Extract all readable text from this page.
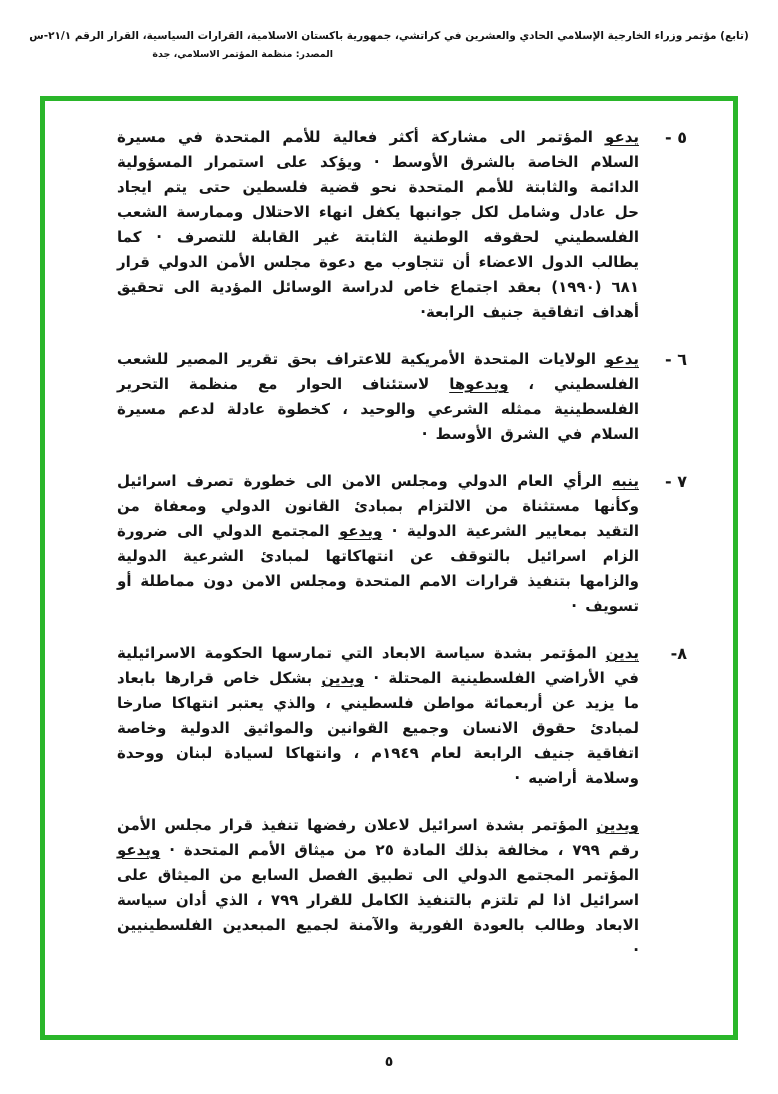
(تابع) مؤتمر وزراء الخارجية الإسلامي الحادي والعشرين في كراتشي، جمهورية باكستان الاسلامية، القرارات السياسية، القرار الرقم ٢١/١-س
المصدر: منظمة المؤتمر الاسلامي، جدة
٥ -
يدعو المؤتمر الى مشاركة أكثر فعالية للأمم المتحدة في مسيرة السلام الخاصة بالشرق الأوسط · ويؤكد على استمرار المسؤولية الدائمة والثابتة للأمم المتحدة نحو قضية فلسطين حتى يتم ايجاد حل عادل وشامل لكل جوانبها يكفل انهاء الاحتلال وممارسة الشعب الفلسطيني لحقوقه الوطنية الثابتة غير القابلة للتصرف · كما يطالب الدول الاعضاء أن تتجاوب مع دعوة مجلس الأمن الدولي قرار ٦٨١ (١٩٩٠) بعقد اجتماع خاص لدراسة الوسائل المؤدية الى تحقيق أهداف اتفاقية جنيف الرابعة·
٦ -
يدعو الولايات المتحدة الأمريكية للاعتراف بحق تقرير المصير للشعب الفلسطيني ، ويدعوها لاستئناف الحوار مع منظمة التحرير الفلسطينية ممثله الشرعي والوحيد ، كخطوة عادلة لدعم مسيرة السلام في الشرق الأوسط ·
٧ -
ينبه الرأي العام الدولي ومجلس الامن الى خطورة تصرف اسرائيل وكأنها مستثناة من الالتزام بمبادئ القانون الدولي ومعفاة من التقيد بمعايير الشرعية الدولية · ويدعو المجتمع الدولي الى ضرورة الزام اسرائيل بالتوقف عن انتهاكاتها لمبادئ الشرعية الدولية والزامها بتنفيذ قرارات الامم المتحدة ومجلس الامن دون مماطلة أو تسويف ·
٨-
يدين المؤتمر بشدة سياسة الابعاد التي تمارسها الحكومة الاسرائيلية في الأراضي الفلسطينية المحتلة · ويدين بشكل خاص قرارها بابعاد ما يزيد عن أربعمائة مواطن فلسطيني ، والذي يعتبر انتهاكا صارخا لمبادئ حقوق الانسان وجميع القوانين والمواثيق الدولية وخاصة اتفاقية جنيف الرابعة لعام ١٩٤٩م ، وانتهاكا لسيادة لبنان ووحدة وسلامة أراضيه ·
ويدين المؤتمر بشدة اسرائيل لاعلان رفضها تنفيذ قرار مجلس الأمن رقم ٧٩٩ ، مخالفة بذلك المادة ٢٥ من ميثاق الأمم المتحدة · ويدعو المؤتمر المجتمع الدولي الى تطبيق الفصل السابع من الميثاق على اسرائيل اذا لم تلتزم بالتنفيذ الكامل للقرار ٧٩٩ ، الذي أدان سياسة الابعاد وطالب بالعودة الفورية والآمنة لجميع المبعدين الفلسطينيين ·
٥
